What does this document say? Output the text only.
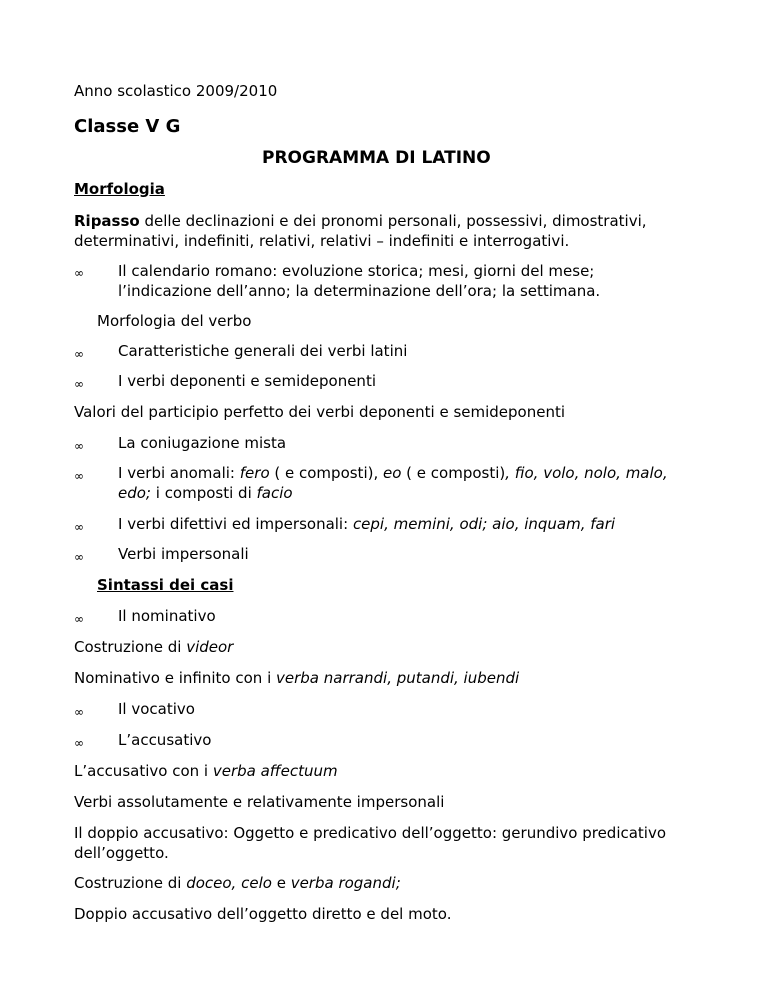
Anno scolastico 2009/2010

Classe V G

PROGRAMMA DI LATINO

Morfologia

Ripasso delle declinazioni e dei pronomi personali, possessivi, dimostrativi,

determinativi, indefiniti, relativi, relativi – indefiniti e interrogativi.

∞	Il calendario romano: evoluzione storica; mesi, giorni del mese;

l’indicazione dell’anno; la determinazione dell’ora; la settimana.

Morfologia del verbo

∞	Caratteristiche generali dei verbi latini

∞	I verbi deponenti e semideponenti

Valori del participio perfetto dei verbi deponenti e semideponenti

∞	La coniugazione mista

∞	I verbi anomali: fero ( e composti), eo ( e composti), fio, volo, nolo, malo,

edo; i composti di facio

∞	I verbi difettivi ed impersonali: cepi, memini, odi; aio, inquam, fari

∞	Verbi impersonali

Sintassi dei casi

∞	Il nominativo

Costruzione di videor

Nominativo e infinito con i verba narrandi, putandi, iubendi

∞	Il vocativo

∞	L’accusativo

L’accusativo con i verba affectuum

Verbi assolutamente e relativamente impersonali

Il doppio accusativo: Oggetto e predicativo dell’oggetto: gerundivo predicativo

dell’oggetto.

Costruzione di doceo, celo e verba rogandi;

Doppio accusativo dell’oggetto diretto e del moto.
